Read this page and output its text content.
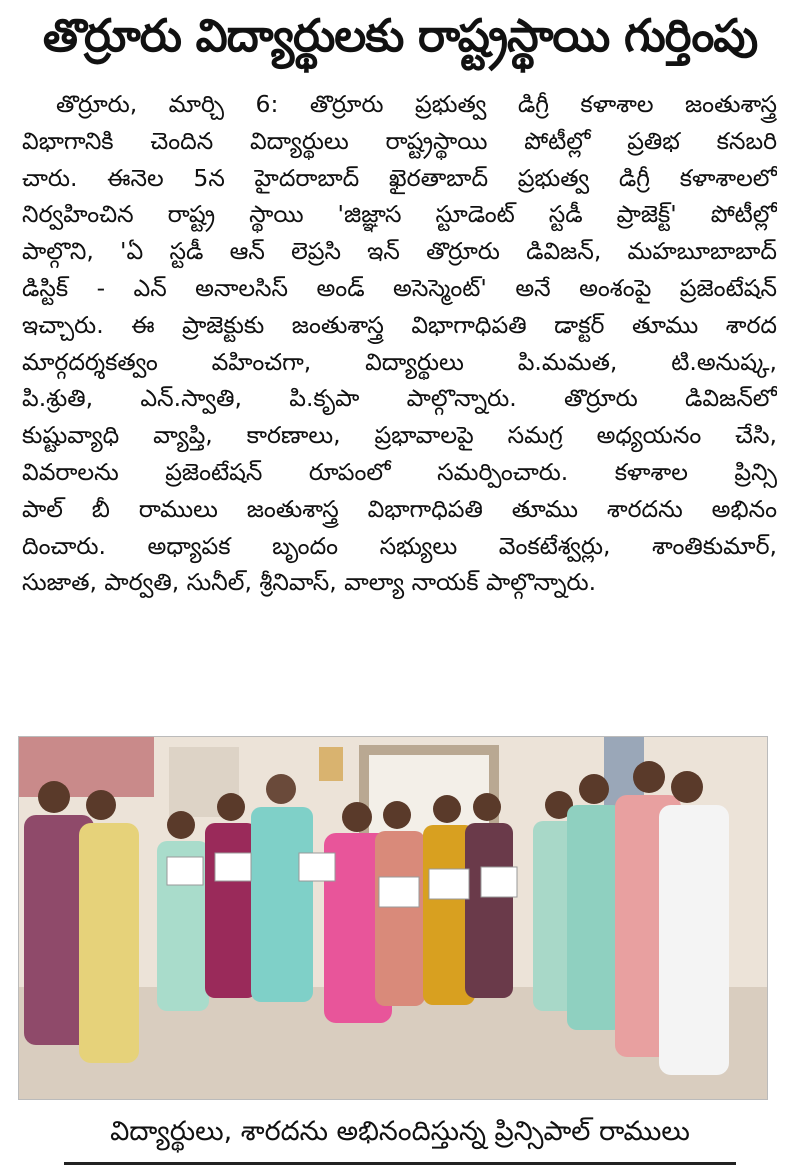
తొర్రూరు విద్యార్థులకు రాష్ట్రస్థాయి గుర్తింపు
తొర్రూరు, మార్చి 6: తొర్రూరు ప్రభుత్వ డిగ్రీ కళాశాల జంతుశాస్త్ర
విభాగానికి చెందిన విద్యార్థులు రాష్ట్రస్థాయి పోటీల్లో ప్రతిభ కనబరి
చారు. ఈనెల 5న హైదరాబాద్ ఖైరతాబాద్ ప్రభుత్వ డిగ్రీ కళాశాలలో
నిర్వహించిన రాష్ట్ర స్థాయి 'జిజ్ఞాస స్టూడెంట్ స్టడీ ప్రాజెక్ట్' పోటీల్లో
పాల్గొని, 'ఏ స్టడీ ఆన్ లెప్రసి ఇన్ తొర్రూరు డివిజన్, మహబూబాబాద్
డిస్టిక్ - ఎన్ అనాలసిస్ అండ్ అసెస్మెంట్' అనే అంశంపై ప్రజెంటేషన్
ఇచ్చారు. ఈ ప్రాజెక్టుకు జంతుశాస్త్ర విభాగాధిపతి డాక్టర్ తూము శారద
మార్గదర్శకత్వం వహించగా, విద్యార్థులు పి.మమత, టి.అనుష్క,
పి.శ్రుతి, ఎన్.స్వాతి, పి.కృపా పాల్గొన్నారు. తొర్రూరు డివిజన్‌లో
కుష్టువ్యాధి వ్యాప్తి, కారణాలు, ప్రభావాలపై సమగ్ర అధ్యయనం చేసి,
వివరాలను ప్రజెంటేషన్ రూపంలో సమర్పించారు. కళాశాల ప్రిన్సి
పాల్ బీ రాములు జంతుశాస్త్ర విభాగాధిపతి తూము శారదను అభినం
దించారు. అధ్యాపక బృందం సభ్యులు వెంకటేశ్వర్లు, శాంతికుమార్,
సుజాత, పార్వతి, సునీల్, శ్రీనివాస్, వాల్యా నాయక్ పాల్గొన్నారు.
విద్యార్థులు, శారదను అభినందిస్తున్న ప్రిన్సిపాల్ రాములు
